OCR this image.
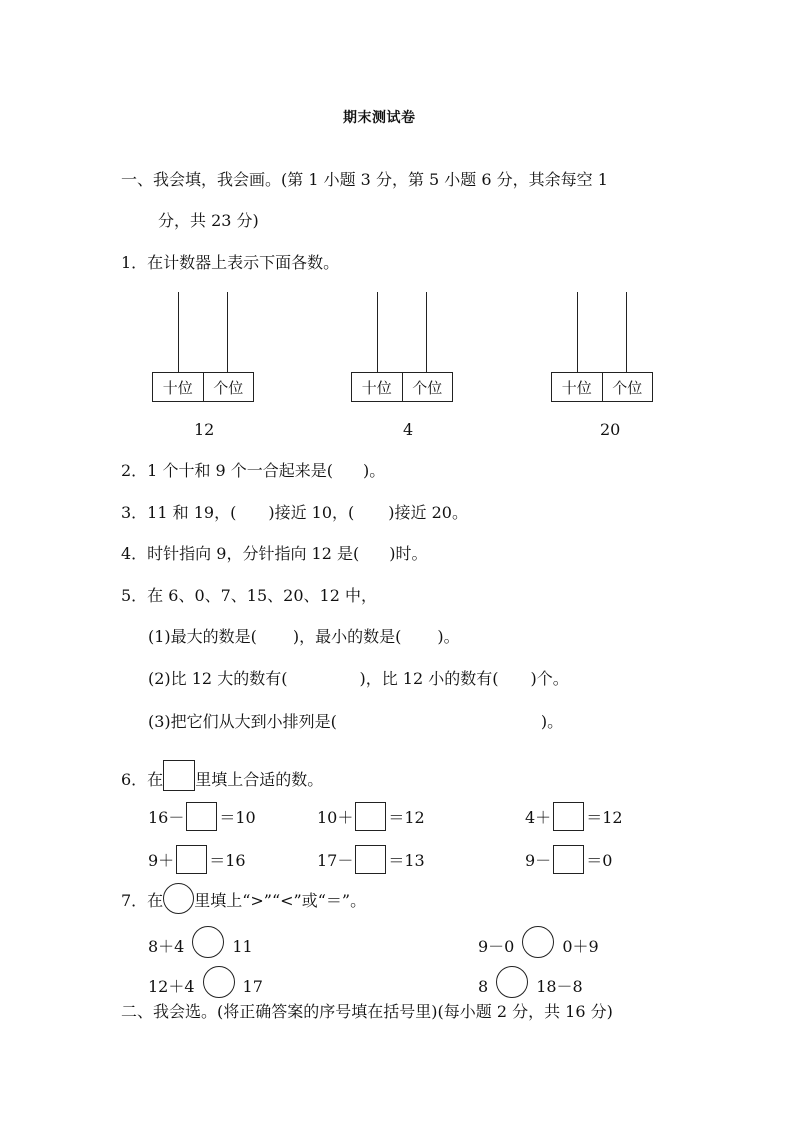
期末测试卷
一、我会填，我会画。(第 1 小题 3 分，第 5 小题 6 分，其余每空 1
分，共 23 分)
1．在计数器上表示下面各数。
十位	个位
12
十位	个位
4
十位	个位
20
2．1 个十和 9 个一合起来是( )。
3．11 和 19，( )接近 10，( )接近 20。
4．时针指向 9，分针指向 12 是( )时。
5．在 6、0、7、15、20、12 中，
(1)最大的数是( )，最小的数是( )。
(2)比 12 大的数有(	)，比 12 小的数有( )个。
(3)把它们从大到小排列是(	)。
6．在 里填上合适的数。
16－ ＝10	10＋ ＝12	4＋ ＝12
9＋ ＝16	17－ ＝13	9－ ＝0
7．在 里填上“>”“<”或“＝”。
8＋4	11	9－0	0＋9
12＋4	17	8	18－8
二、我会选。(将正确答案的序号填在括号里)(每小题 2 分，共 16 分)
